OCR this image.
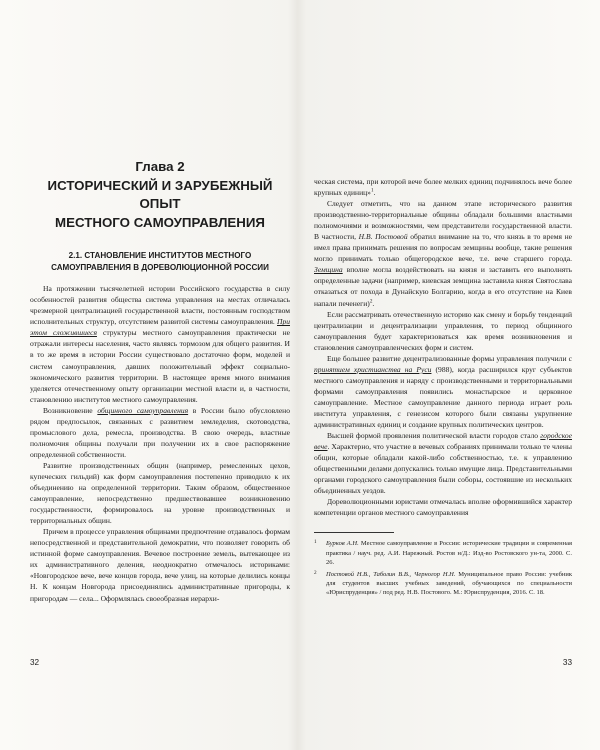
Глава 2
ИСТОРИЧЕСКИЙ И ЗАРУБЕЖНЫЙ ОПЫТ
МЕСТНОГО САМОУПРАВЛЕНИЯ
2.1. СТАНОВЛЕНИЕ ИНСТИТУТОВ МЕСТНОГО САМОУПРАВЛЕНИЯ В ДОРЕВОЛЮЦИОННОЙ РОССИИ

На протяжении тысячелетней истории Российского государства в силу особенностей развития общества система управления на местах отличалась чрезмерной централизацией государственной власти, постоянным господством исполнительных структур, отсутствием развитой системы самоуправления. При этом сложившиеся структуры местного самоуправления практически не отражали интересы населения, часто являясь тормозом для общего развития. И в то же время в истории России существовало достаточно форм, моделей и систем самоуправления, давших положительный эффект социально-экономического развития территории. В настоящее время много внимания уделяется отечественному опыту организации местной власти и, в частности, становлению институтов местного самоуправления.

Возникновение общинного самоуправления в России было обусловлено рядом предпосылок, связанных с развитием земледелия, скотоводства, промыслового дела, ремесла, производства. В свою очередь, властные полномочия общины получали при получении их в свое распоряжение определенной собственности.

Развитие производственных общин (например, ремесленных цехов, купеческих гильдий) как форм самоуправления постепенно приводило к их объединению на определенной территории. Таким образом, общественное самоуправление, непосредственно предшествовавшее возникновению государственности, формировалось на уровне производственных и территориальных общин.

Причем в процессе управления общинами предпочтение отдавалось формам непосредственной и представительной демократии, что позволяет говорить об истинной форме самоуправления. Вечевое построение земель, вытекающее из их административного деления, неоднократно отмечалось историками: «Новгородское вече, вече концов города, вече улиц, на которые делились концы Н. К концам Новгорода присоединялись административные пригороды, к пригородам — села... Оформлялась своеобразная иерархи-

32

ческая система, при которой вече более мелких единиц подчинялось вече более крупных единиц»$^1$.

Следует отметить, что на данном этапе исторического развития производственно-территориальные общины обладали большими властными полномочиями и возможностями, чем представители государственной власти. В частности, Н.В. Постовой обратил внимание на то, что князь в то время не имел права принимать решения по вопросам земщины вообще, такие решения могло принимать только общегородское вече, т.е. вече старшего города. Земщина вполне могла воздействовать на князя и заставить его выполнять определенные задачи (например, киевская земщина заставила князя Святослава отказаться от похода в Дунайскую Болгарию, когда в его отсутствие на Киев напали печенеги)$^2$.

Если рассматривать отечественную историю как смену и борьбу тенденций централизации и децентрализации управления, то период общинного самоуправления будет характеризоваться как время возникновения и становления самоуправленческих форм и систем.

Еще большее развитие децентрализованные формы управления получили с принятием христианства на Руси (988), когда расширился круг субъектов местного самоуправления и наряду с производственными и территориальными формами самоуправления появились монастырское и церковное самоуправление. Местное самоуправление данного периода играет роль института управления, с генезисом которого были связаны укрупнение административных единиц и создание крупных политических центров.

Высшей формой проявления политической власти городов стало городское вече. Характерно, что участие в вечевых собраниях принимали только те члены общин, которые обладали какой-либо собственностью, т.е. к управлению общественными делами допускались только имущие лица. Представительными органами городского самоуправления были соборы, состоявшие из нескольких объединенных уездов.

Дореволюционными юристами отмечалась вполне оформившийся характер компетенции органов местного самоуправления

1	Бурков А.Н. Местное самоуправление в России: исторические традиции и современная практика / науч. ред. А.И. Нарежный. Ростов н/Д.: Изд-во Ростовского ун-та, 2000. С. 26.
2	Постовой Н.В., Таболин В.В., Черногор Н.Н. Муниципальное право России: учебник для студентов высших учебных заведений, обучающихся по специальности «Юриспруденция» / под ред. Н.В. Постового. М.: Юриспруденция, 2016. С. 18.
33
